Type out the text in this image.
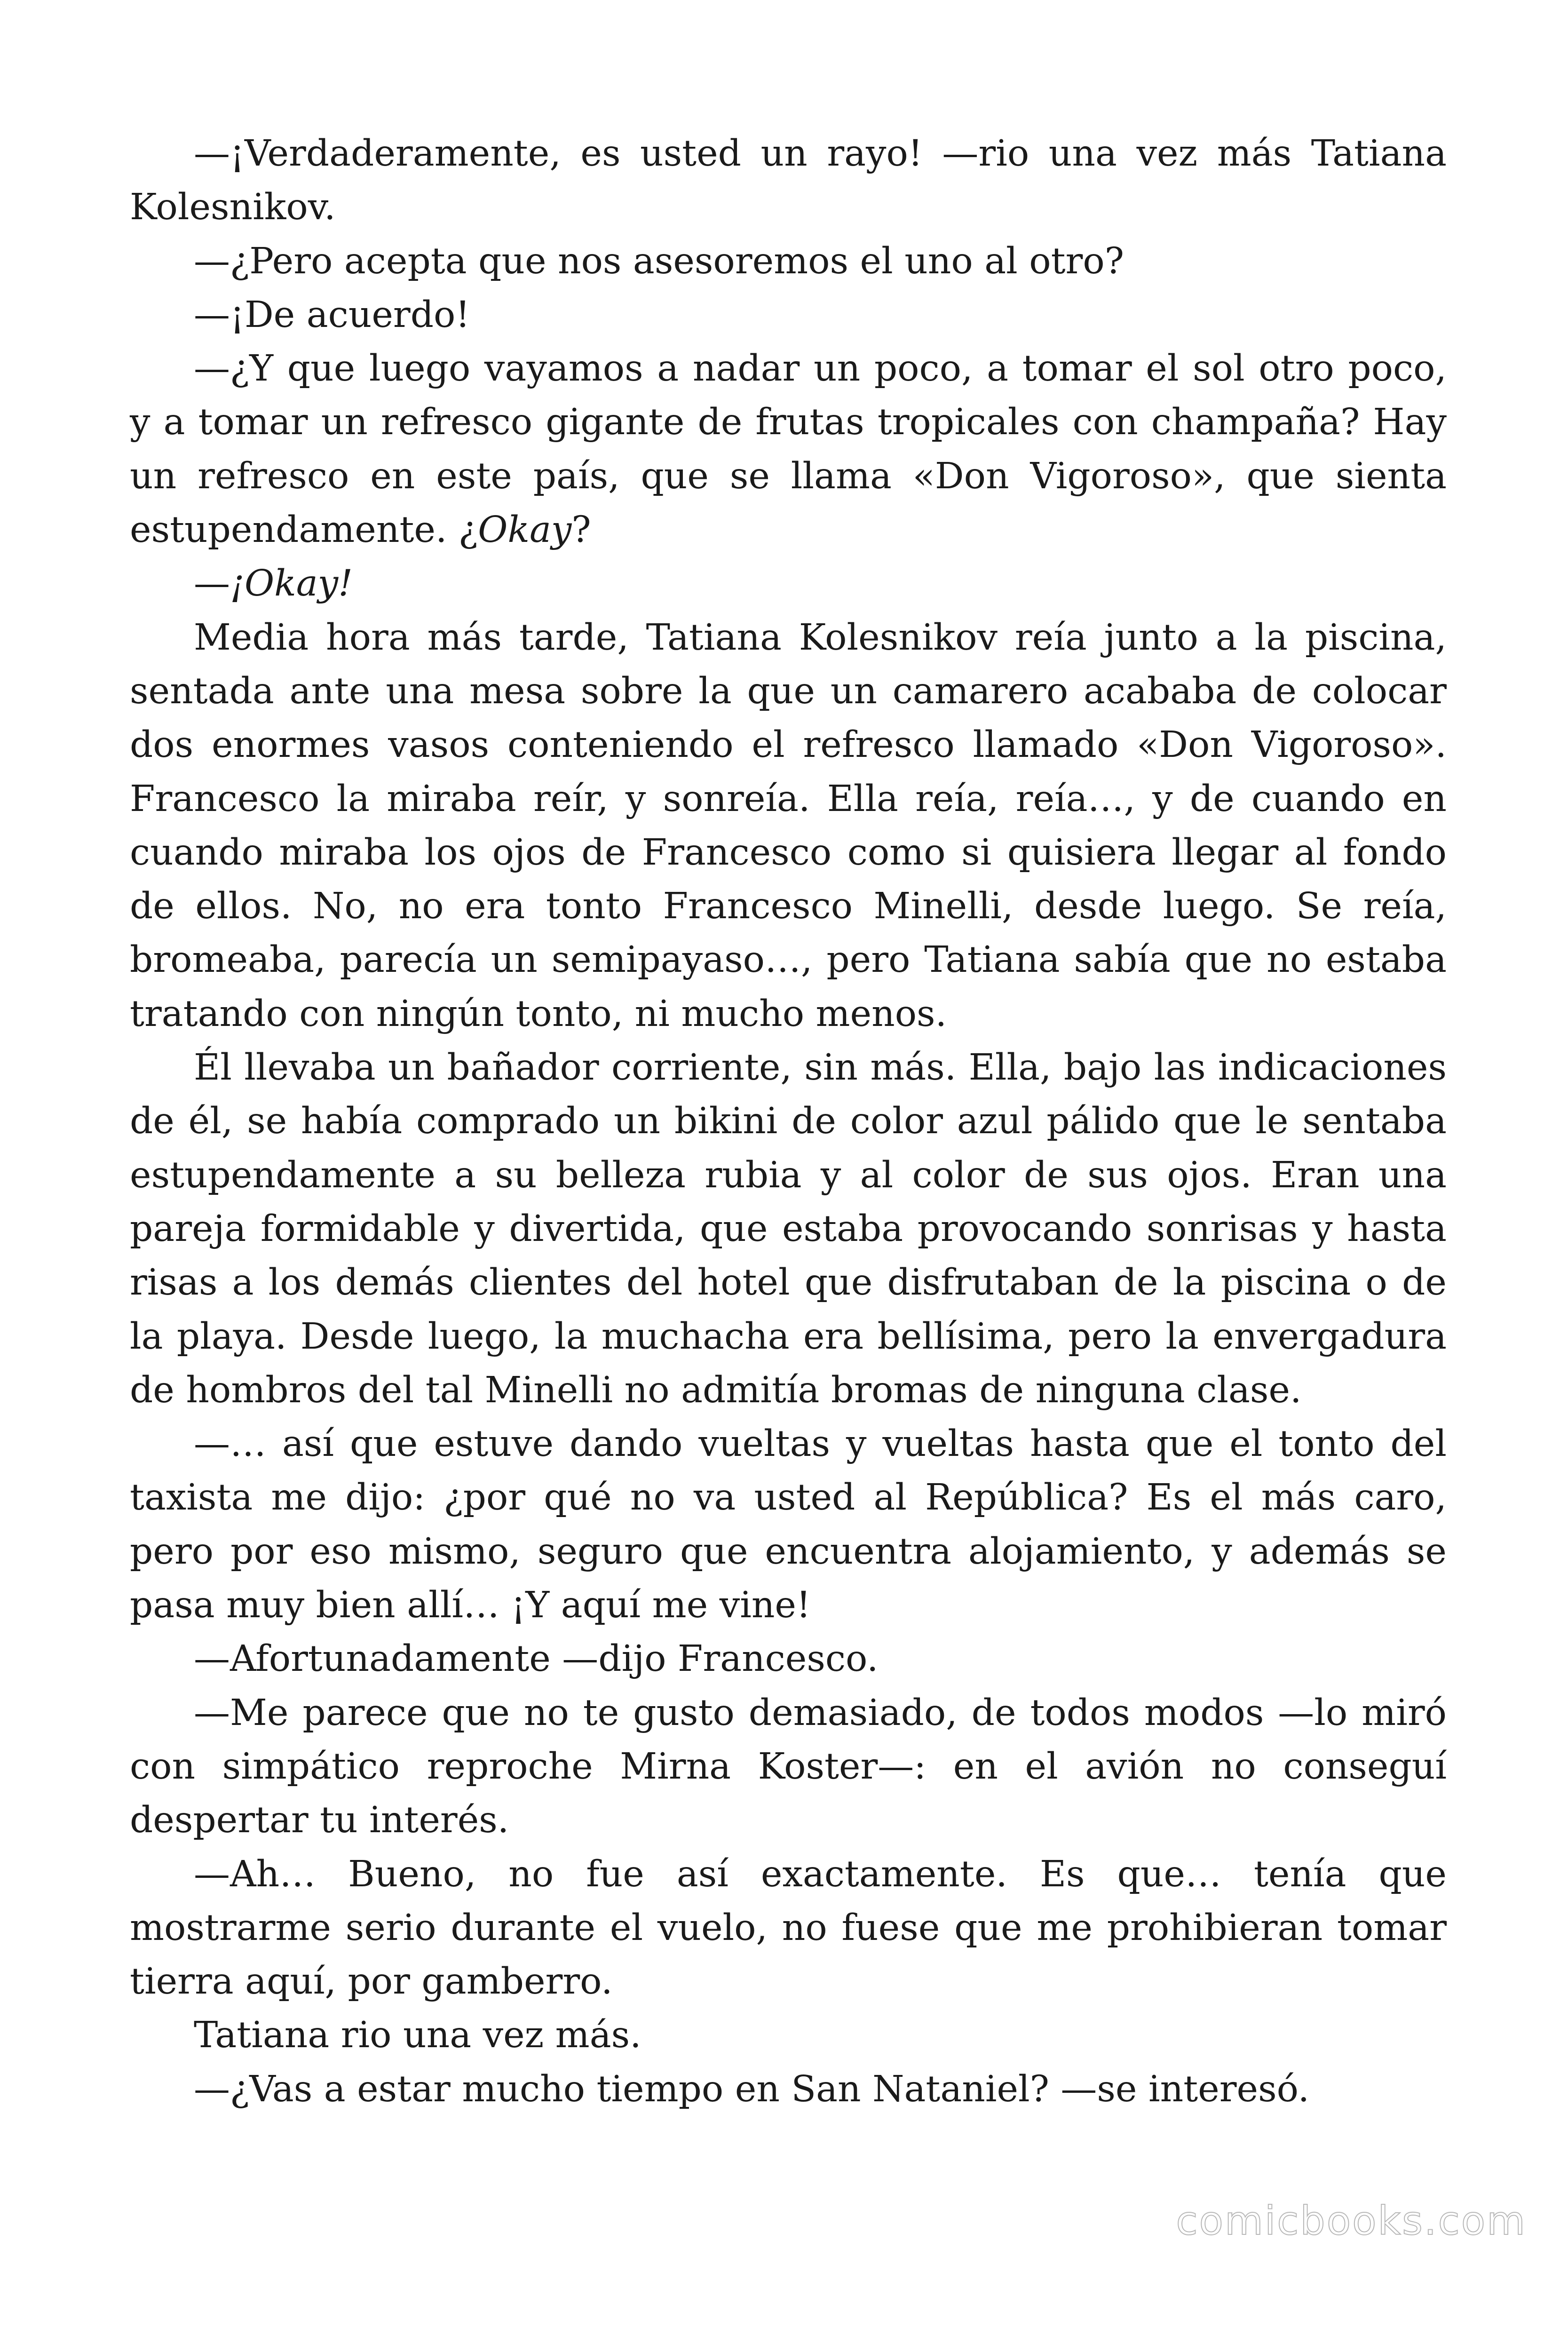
—¡Verdaderamente, es usted un rayo! —rio una vez más Tatiana Kolesnikov.

—¿Pero acepta que nos asesoremos el uno al otro?

—¡De acuerdo!

—¿Y que luego vayamos a nadar un poco, a tomar el sol otro poco, y a tomar un refresco gigante de frutas tropicales con champaña? Hay un refresco en este país, que se llama «Don Vigoroso», que sienta estupendamente. ¿Okay?

—¡Okay!

Media hora más tarde, Tatiana Kolesnikov reía junto a la piscina, sentada ante una mesa sobre la que un camarero acababa de colocar dos enormes vasos conteniendo el refresco llamado «Don Vigoroso». Francesco la miraba reír, y sonreía. Ella reía, reía…, y de cuando en cuando miraba los ojos de Francesco como si quisiera llegar al fondo de ellos. No, no era tonto Francesco Minelli, desde luego. Se reía, bromeaba, parecía un semipayaso…, pero Tatiana sabía que no estaba tratando con ningún tonto, ni mucho menos.

Él llevaba un bañador corriente, sin más. Ella, bajo las indicaciones de él, se había comprado un bikini de color azul pálido que le sentaba estupendamente a su belleza rubia y al color de sus ojos. Eran una pareja formidable y divertida, que estaba provocando sonrisas y hasta risas a los demás clientes del hotel que disfrutaban de la piscina o de la playa. Desde luego, la muchacha era bellísima, pero la envergadura de hombros del tal Minelli no admitía bromas de ninguna clase.

—… así que estuve dando vueltas y vueltas hasta que el tonto del taxista me dijo: ¿por qué no va usted al República? Es el más caro, pero por eso mismo, seguro que encuentra alojamiento, y además se pasa muy bien allí… ¡Y aquí me vine!

—Afortunadamente —dijo Francesco.

—Me parece que no te gusto demasiado, de todos modos —lo miró con simpático reproche Mirna Koster—: en el avión no conseguí despertar tu interés.

—Ah… Bueno, no fue así exactamente. Es que… tenía que mostrarme serio durante el vuelo, no fuese que me prohibieran tomar tierra aquí, por gamberro.

Tatiana rio una vez más.

—¿Vas a estar mucho tiempo en San Nataniel? —se interesó.

comicbooks.com
